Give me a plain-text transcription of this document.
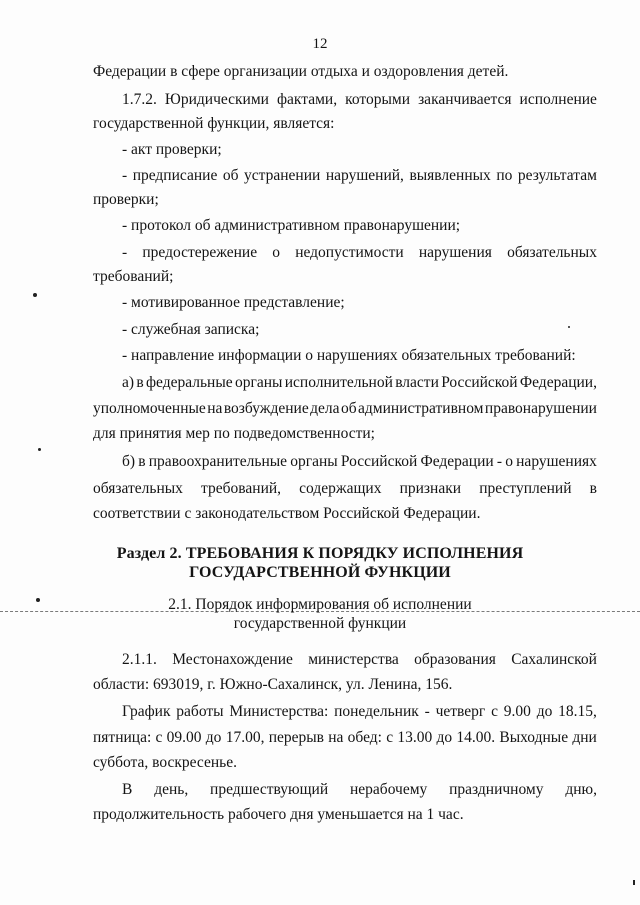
12
Федерации в сфере организации отдыха и оздоровления детей.
1.7.2. Юридическими фактами, которыми заканчивается исполнение
государственной функции, является:
- акт проверки;
- предписание об устранении нарушений, выявленных по результатам
проверки;
- протокол об административном правонарушении;
- предостережение о недопустимости нарушения обязательных
требований;
- мотивированное представление;
- служебная записка;
- направление информации о нарушениях обязательных требований:
а) в федеральные органы исполнительной власти Российской Федерации,
уполномоченные на возбуждение дела об административном правонарушении
для принятия мер по подведомственности;
б) в правоохранительные органы Российской Федерации - о нарушениях
обязательных требований, содержащих признаки преступлений в
соответствии с законодательством Российской Федерации.
Раздел 2. ТРЕБОВАНИЯ К ПОРЯДКУ ИСПОЛНЕНИЯ
ГОСУДАРСТВЕННОЙ ФУНКЦИИ
2.1. Порядок информирования об исполнении
государственной функции
2.1.1. Местонахождение министерства образования Сахалинской
области: 693019, г. Южно-Сахалинск, ул. Ленина, 156.
График работы Министерства: понедельник - четверг с 9.00 до 18.15,
пятница: с 09.00 до 17.00, перерыв на обед: с 13.00 до 14.00. Выходные дни
суббота, воскресенье.
В день, предшествующий нерабочему праздничному дню,
продолжительность рабочего дня уменьшается на 1 час.
